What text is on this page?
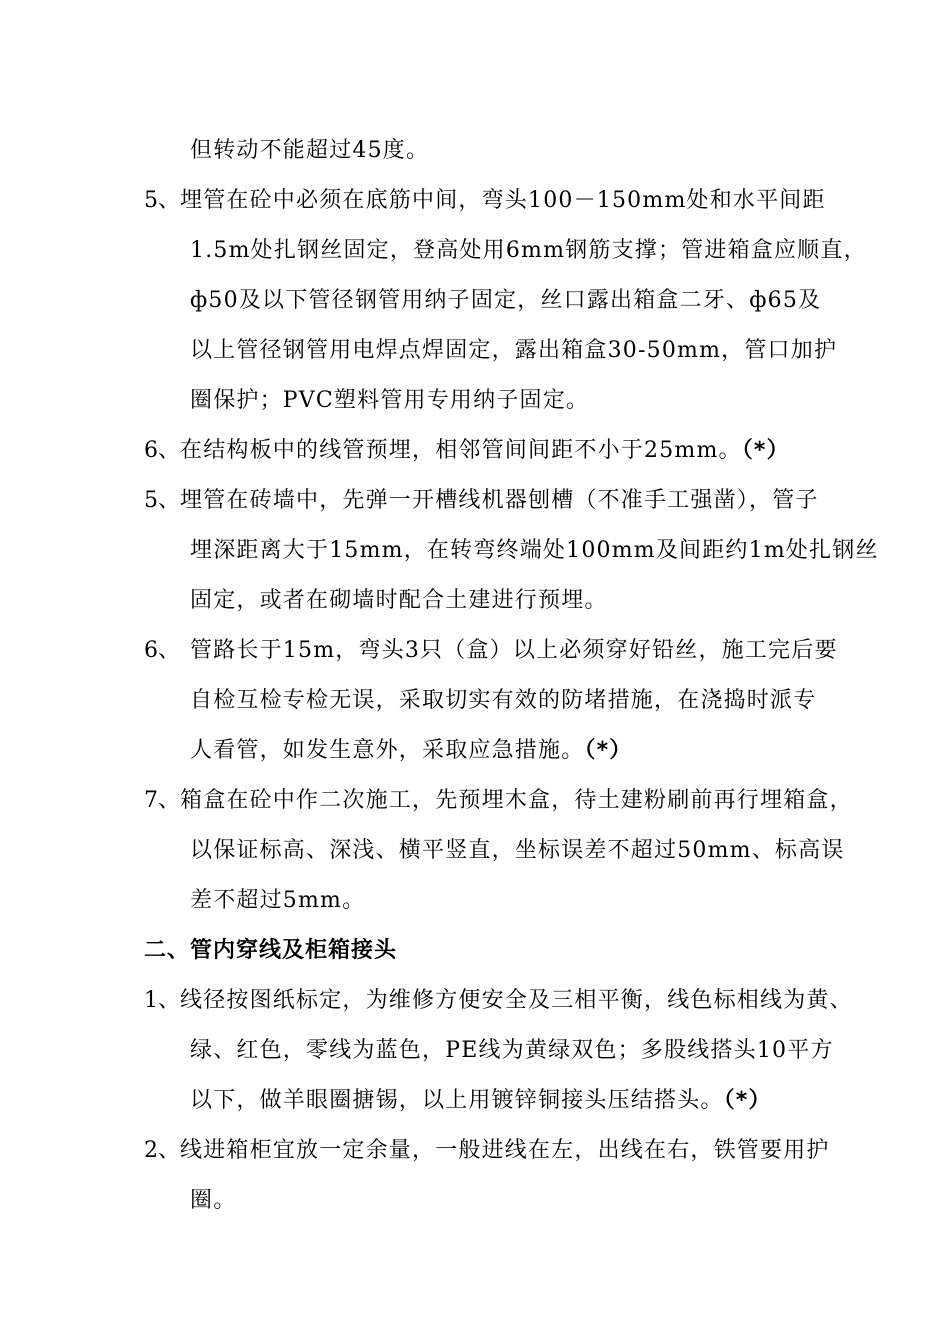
但转动不能超过45度。
5、 埋管在砼中必须在底筋中间，弯头100－150mm处和水平间距
1.5m处扎钢丝固定，登高处用6mm钢筋支撑；管进箱盒应顺直，
ф50及以下管径钢管用纳子固定，丝口露出箱盒二牙、ф65及
以上管径钢管用电焊点焊固定，露出箱盒30-50mm，管口加护
圈保护；PVC塑料管用专用纳子固定。
6、 在结构板中的线管预埋，相邻管间间距不小于25mm。（*）
5、 埋管在砖墙中，先弹一开槽线机器刨槽（不准手工强凿），管子
埋深距离大于15mm，在转弯终端处100mm及间距约1m处扎钢丝
固定，或者在砌墙时配合土建进行预埋。
6、 管路长于15m，弯头3只（盒）以上必须穿好铅丝，施工完后要
自检互检专检无误，采取切实有效的防堵措施，在浇捣时派专
人看管，如发生意外，采取应急措施。（*）
7、 箱盒在砼中作二次施工，先预埋木盒，待土建粉刷前再行埋箱盒，
以保证标高、深浅、横平竖直，坐标误差不超过50mm、标高误
差不超过5mm。
二、管内穿线及柜箱接头
1、 线径按图纸标定，为维修方便安全及三相平衡，线色标相线为黄、
绿、红色，零线为蓝色，PE线为黄绿双色；多股线搭头10平方
以下，做羊眼圈搪锡，以上用镀锌铜接头压结搭头。（*）
2、 线进箱柜宜放一定余量，一般进线在左，出线在右，铁管要用护
圈。
